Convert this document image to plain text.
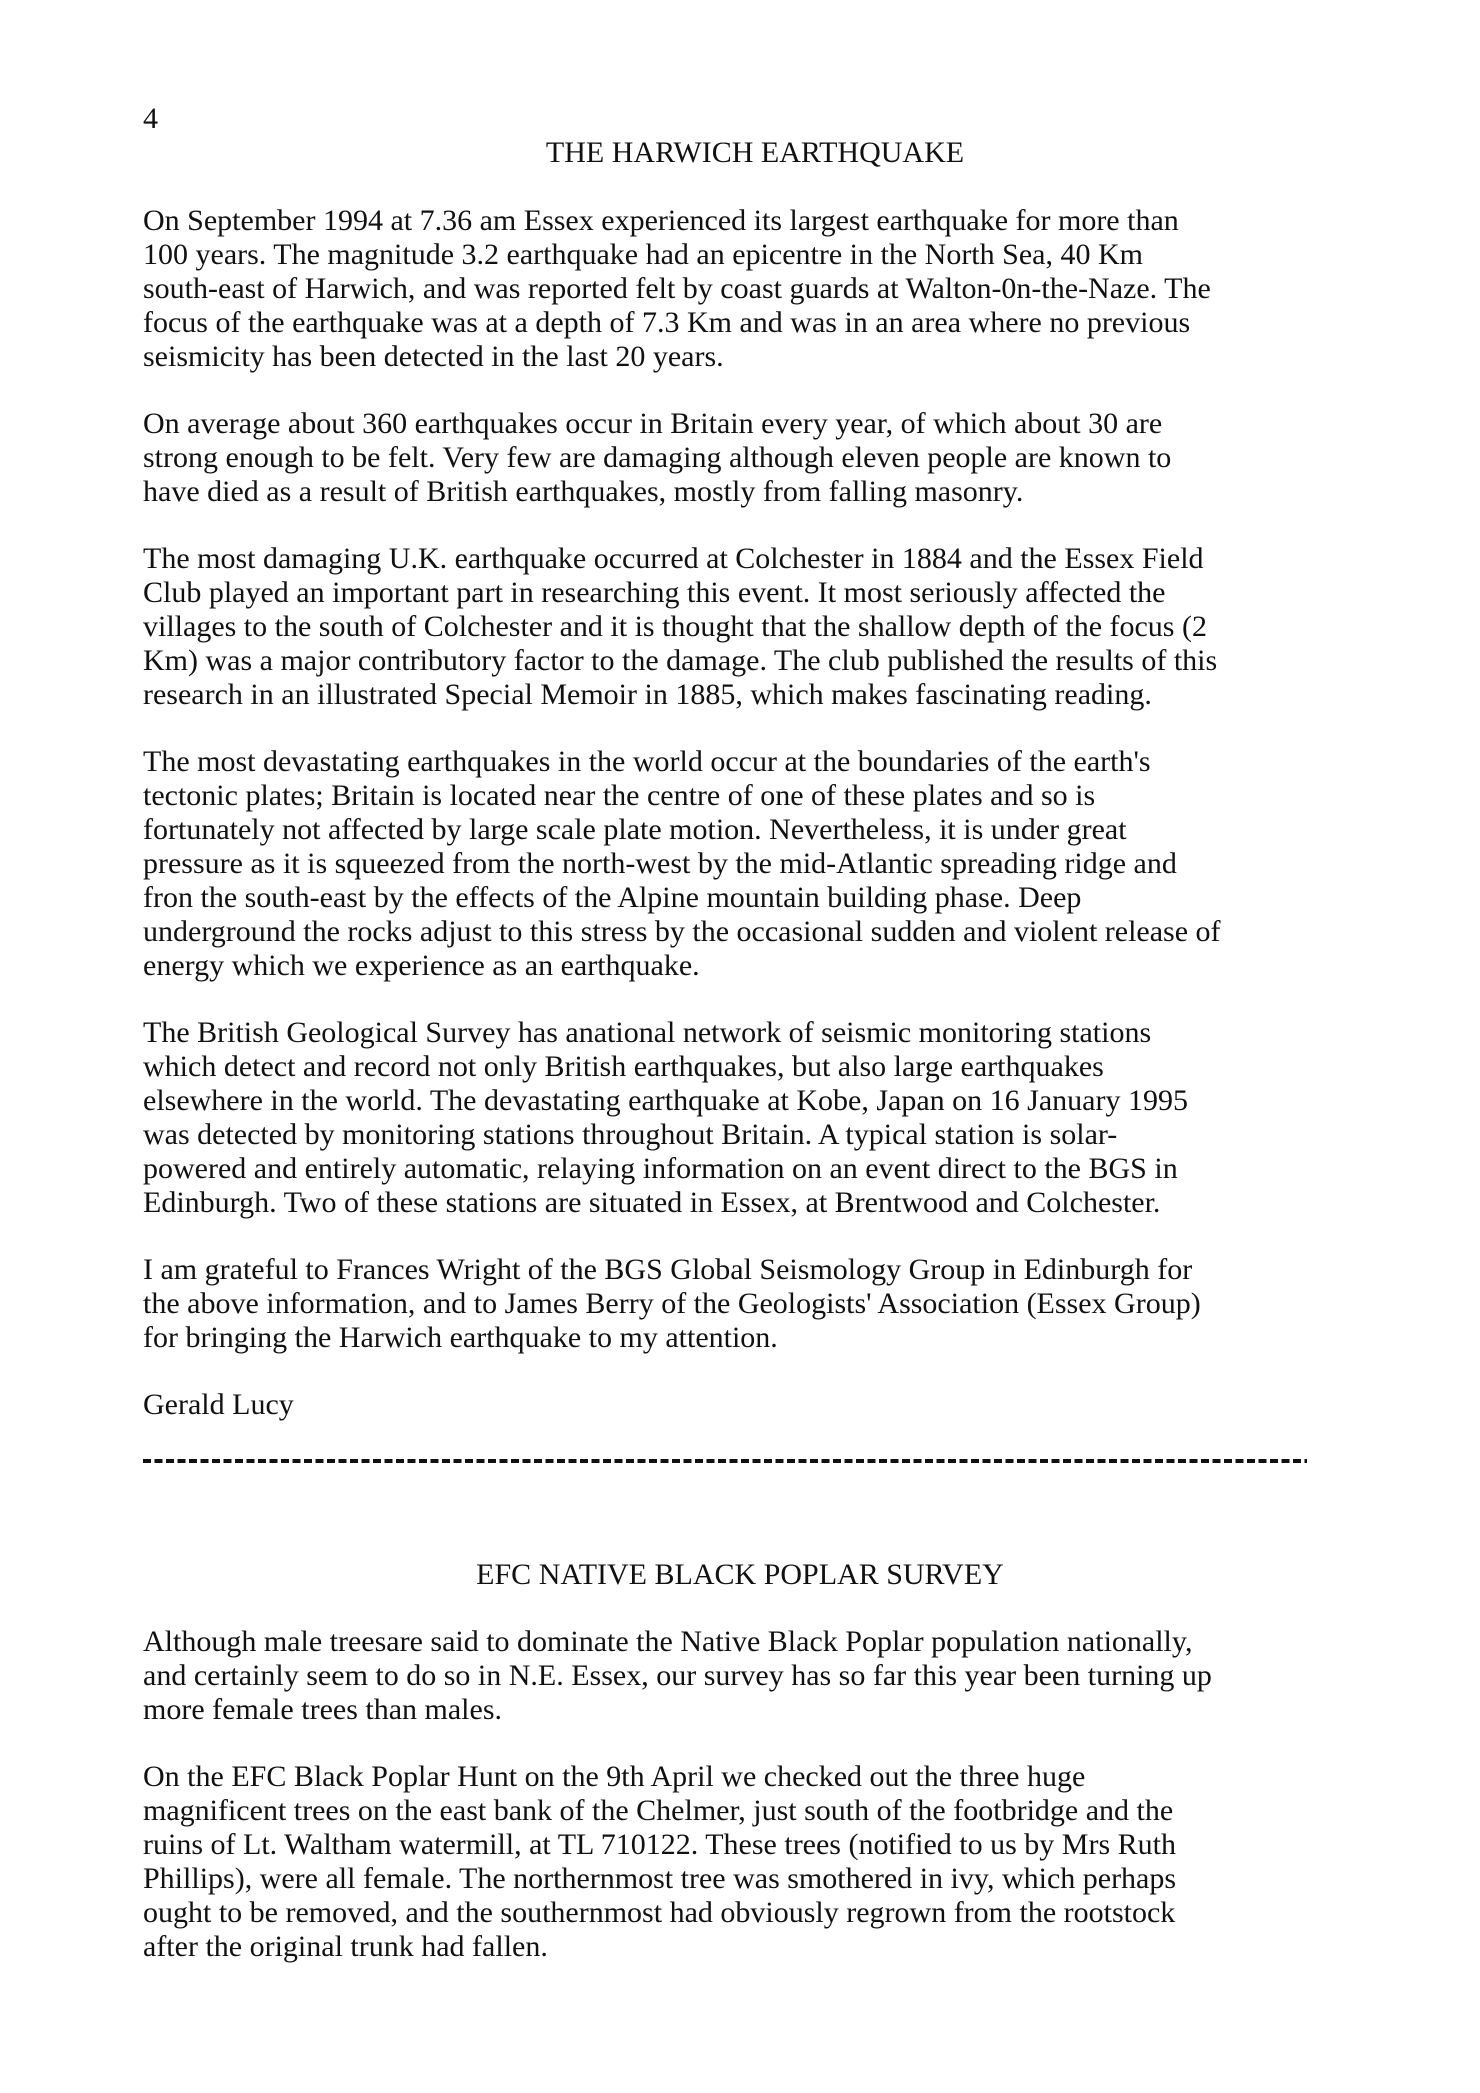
4

THE HARWICH EARTHQUAKE

On September 1994 at 7.36 am Essex experienced its largest earthquake for more than
100 years. The magnitude 3.2 earthquake had an epicentre in the North Sea, 40 Km
south-east of Harwich, and was reported felt by coast guards at Walton-0n-the-Naze. The
focus of the earthquake was at a depth of 7.3 Km and was in an area where no previous
seismicity has been detected in the last 20 years.

On average about 360 earthquakes occur in Britain every year, of which about 30 are
strong enough to be felt. Very few are damaging although eleven people are known to
have died as a result of British earthquakes, mostly from falling masonry.

The most damaging U.K. earthquake occurred at Colchester in 1884 and the Essex Field
Club played an important part in researching this event. It most seriously affected the
villages to the south of Colchester and it is thought that the shallow depth of the focus (2
Km) was a major contributory factor to the damage. The club published the results of this
research in an illustrated Special Memoir in 1885, which makes fascinating reading.

The most devastating earthquakes in the world occur at the boundaries of the earth's
tectonic plates; Britain is located near the centre of one of these plates and so is
fortunately not affected by large scale plate motion. Nevertheless, it is under great
pressure as it is squeezed from the north-west by the mid-Atlantic spreading ridge and
fron the south-east by the effects of the Alpine mountain building phase. Deep
underground the rocks adjust to this stress by the occasional sudden and violent release of
energy which we experience as an earthquake.

The British Geological Survey has anational network of seismic monitoring stations
which detect and record not only British earthquakes, but also large earthquakes
elsewhere in the world. The devastating earthquake at Kobe, Japan on 16 January 1995
was detected by monitoring stations throughout Britain. A typical station is solar-
powered and entirely automatic, relaying information on an event direct to the BGS in
Edinburgh. Two of these stations are situated in Essex, at Brentwood and Colchester.

I am grateful to Frances Wright of the BGS Global Seismology Group in Edinburgh for
the above information, and to James Berry of the Geologists' Association (Essex Group)
for bringing the Harwich earthquake to my attention.

Gerald Lucy

EFC NATIVE BLACK POPLAR SURVEY

Although male treesare said to dominate the Native Black Poplar population nationally,
and certainly seem to do so in N.E. Essex, our survey has so far this year been turning up
more female trees than males.

On the EFC Black Poplar Hunt on the 9th April we checked out the three huge
magnificent trees on the east bank of the Chelmer, just south of the footbridge and the
ruins of Lt. Waltham watermill, at TL 710122. These trees (notified to us by Mrs Ruth
Phillips), were all female. The northernmost tree was smothered in ivy, which perhaps
ought to be removed, and the southernmost had obviously regrown from the rootstock
after the original trunk had fallen.
